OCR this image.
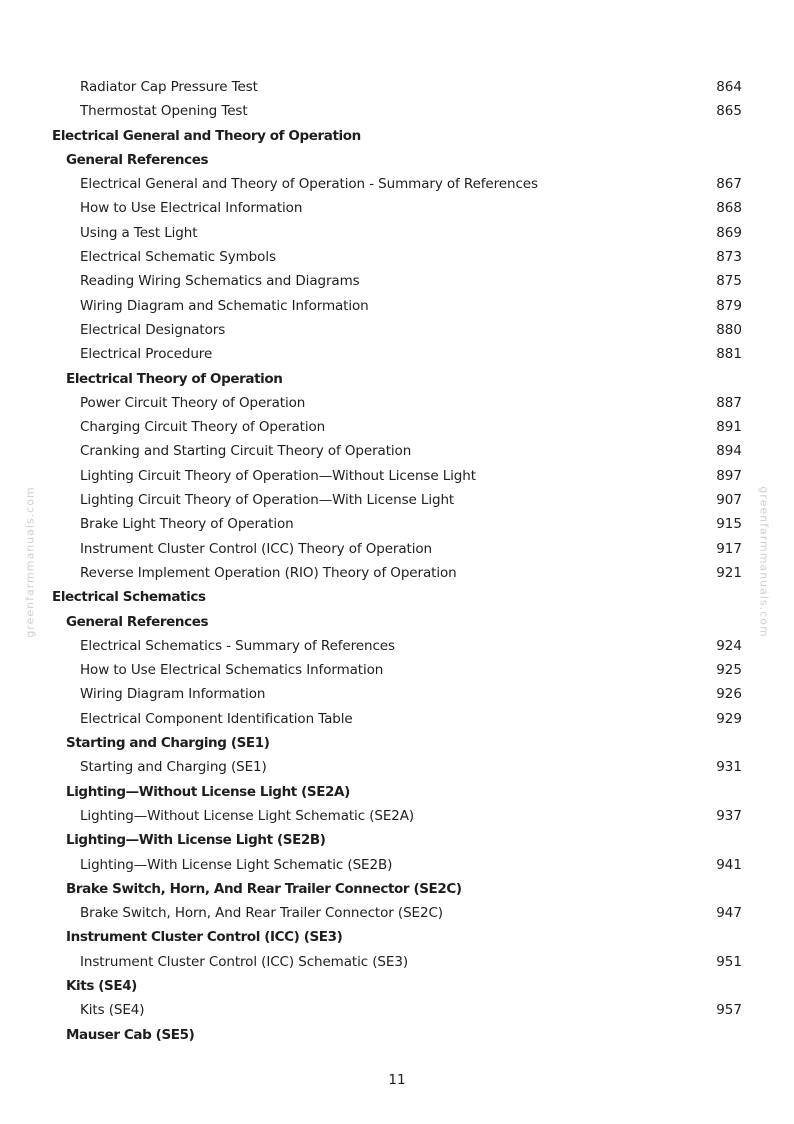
Radiator Cap Pressure Test	864
Thermostat Opening Test	865
Electrical General and Theory of Operation
General References
Electrical General and Theory of Operation - Summary of References	867
How to Use Electrical Information	868
Using a Test Light	869
Electrical Schematic Symbols	873
Reading Wiring Schematics and Diagrams	875
Wiring Diagram and Schematic Information	879
Electrical Designators	880
Electrical Procedure	881
Electrical Theory of Operation
Power Circuit Theory of Operation	887
Charging Circuit Theory of Operation	891
Cranking and Starting Circuit Theory of Operation	894
Lighting Circuit Theory of Operation—Without License Light	897
Lighting Circuit Theory of Operation—With License Light	907
Brake Light Theory of Operation	915
Instrument Cluster Control (ICC) Theory of Operation	917
Reverse Implement Operation (RIO) Theory of Operation	921
Electrical Schematics
General References
Electrical Schematics - Summary of References	924
How to Use Electrical Schematics Information	925
Wiring Diagram Information	926
Electrical Component Identification Table	929
Starting and Charging (SE1)
Starting and Charging (SE1)	931
Lighting—Without License Light (SE2A)
Lighting—Without License Light Schematic (SE2A)	937
Lighting—With License Light (SE2B)
Lighting—With License Light Schematic (SE2B)	941
Brake Switch, Horn, And Rear Trailer Connector (SE2C)
Brake Switch, Horn, And Rear Trailer Connector (SE2C)	947
Instrument Cluster Control (ICC) (SE3)
Instrument Cluster Control (ICC) Schematic (SE3)	951
Kits (SE4)
Kits (SE4)	957
Mauser Cab (SE5)
11
greenfarmmanuals.com	greenfarmmanuals.com
